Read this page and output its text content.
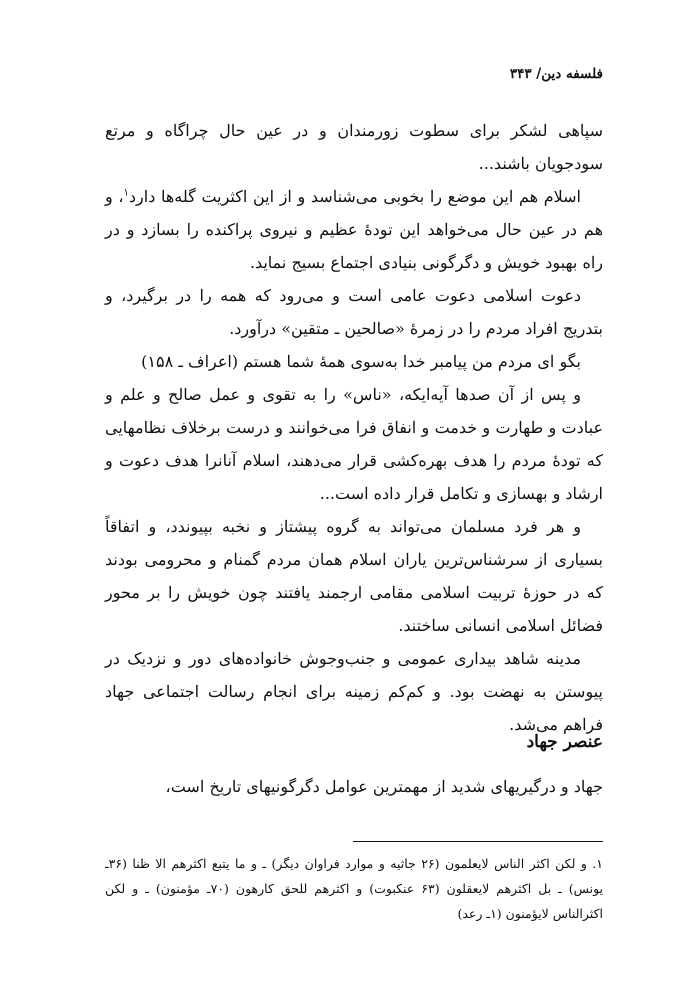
فلسفه دین/ ۳۴۳

سپاهی لشکر برای سطوت زورمندان و در عین حال چراگاه و مرتع سودجویان باشند...

اسلام هم این موضع را بخوبی می‌شناسد و از این اکثریت گله‌ها دارد$^۱$، و هم در عین حال می‌خواهد این تودهٔ عظیم و نیروی پراکنده را بسازد و در راه بهبود خویش و دگرگونی بنیادی اجتماع بسیج نماید.

دعوت اسلامی دعوت عامی است و می‌رود که همه را در برگیرد، و بتدریج افراد مردم را در زمرهٔ «صالحین ـ متقین» درآورد.

بگو ای مردم من پیامبر خدا به‌سوی همهٔ شما هستم (اعراف ـ ۱۵۸)

و پس از آن صدها آیه‌ایکه، «ناس» را به تقوی و عمل صالح و علم و عبادت و طهارت و خدمت و انفاق فرا می‌خوانند و درست برخلاف نظامهایی که تودهٔ مردم را هدف بهره‌کشی قرار می‌دهند، اسلام آنانرا هدف دعوت و ارشاد و بهسازی و تکامل قرار داده است...

و هر فرد مسلمان می‌تواند به گروه پیشتاز و نخبه بپیوندد، و اتفاقاً بسیاری از سرشناس‌ترین یاران اسلام همان مردم گمنام و محرومی بودند که در حوزهٔ تربیت اسلامی مقامی ارجمند یافتند چون خویش را بر محور فضائل اسلامی انسانی ساختند.

مدینه شاهد بیداری عمومی و جنب‌وجوش خانواده‌های دور و نزدیک در پیوستن به نهضت بود. و کم‌کم زمینه برای انجام رسالت اجتماعی جهاد فراهم می‌شد.

عنصر جهاد

جهاد و درگیریهای شدید از مهمترین عوامل دگرگونیهای تاریخ است،

۱. و لکن اکثر الناس لایعلمون (۲۶ جاثیه و موارد فراوان دیگر) ـ و ما یتبع اکثرهم الا ظنا (۳۶ـ یونس) ـ بل اکثرهم لایعقلون (۶۳ عنکبوت) و اکثرهم للحق کارهون (۷۰ـ مؤمنون) ـ و لکن اکثرالناس لایؤمنون (۱ـ رعد)
